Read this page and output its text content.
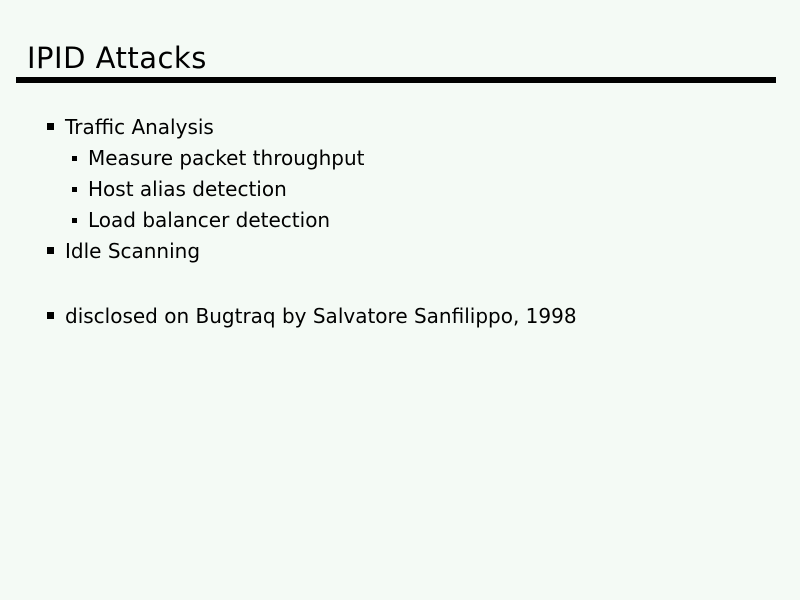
IPID Attacks
Traffic Analysis
Measure packet throughput
Host alias detection
Load balancer detection
Idle Scanning
disclosed on Bugtraq by Salvatore Sanfilippo, 1998
